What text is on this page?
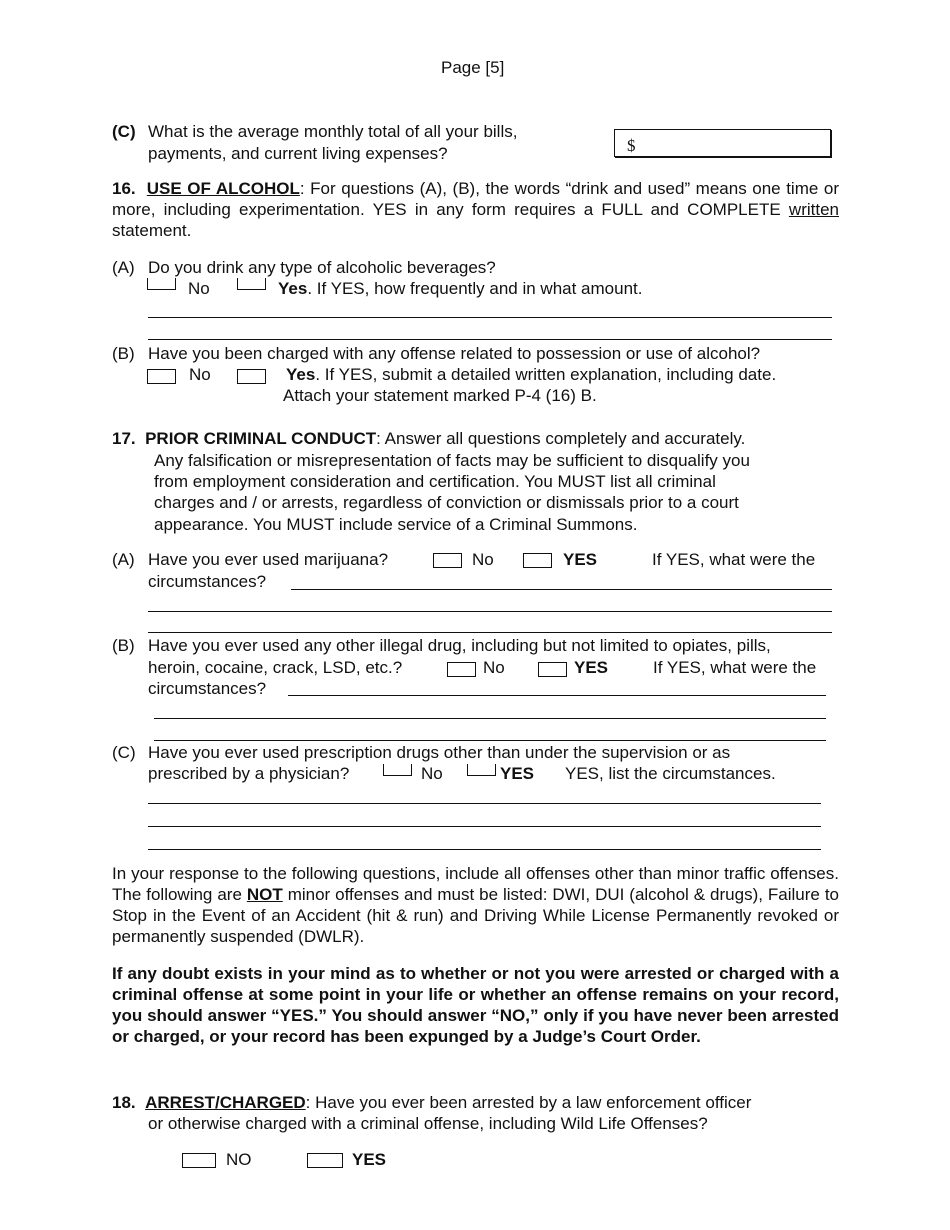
Page [5]
(C) What is the average monthly total of all your bills,
payments, and current living expenses?	$
16. USE OF ALCOHOL: For questions (A), (B), the words “drink and used” means one time or more, including experimentation. YES in any form requires a FULL and COMPLETE written statement.
(A) Do you drink any type of alcoholic beverages?
No	Yes. If YES, how frequently and in what amount.
(B) Have you been charged with any offense related to possession or use of alcohol?
No	Yes. If YES, submit a detailed written explanation, including date.
Attach your statement marked P-4 (16) B.
17. PRIOR CRIMINAL CONDUCT: Answer all questions completely and accurately.
Any falsification or misrepresentation of facts may be sufficient to disqualify you
from employment consideration and certification. You MUST list all criminal
charges and / or arrests, regardless of conviction or dismissals prior to a court
appearance. You MUST include service of a Criminal Summons.
(A) Have you ever used marijuana?	No	YES	If YES, what were the
circumstances?
(B) Have you ever used any other illegal drug, including but not limited to opiates, pills,
heroin, cocaine, crack, LSD, etc.?	No	YES	If YES, what were the
circumstances?
(C) Have you ever used prescription drugs other than under the supervision or as
prescribed by a physician?	No	YES YES, list the circumstances.
In your response to the following questions, include all offenses other than minor traffic offenses. The following are NOT minor offenses and must be listed: DWI, DUI (alcohol & drugs), Failure to Stop in the Event of an Accident (hit & run) and Driving While License Permanently revoked or permanently suspended (DWLR).
If any doubt exists in your mind as to whether or not you were arrested or charged with a criminal offense at some point in your life or whether an offense remains on your record, you should answer “YES.” You should answer “NO,” only if you have never been arrested or charged, or your record has been expunged by a Judge’s Court Order.
18. ARREST/CHARGED: Have you ever been arrested by a law enforcement officer
or otherwise charged with a criminal offense, including Wild Life Offenses?
NO	YES
